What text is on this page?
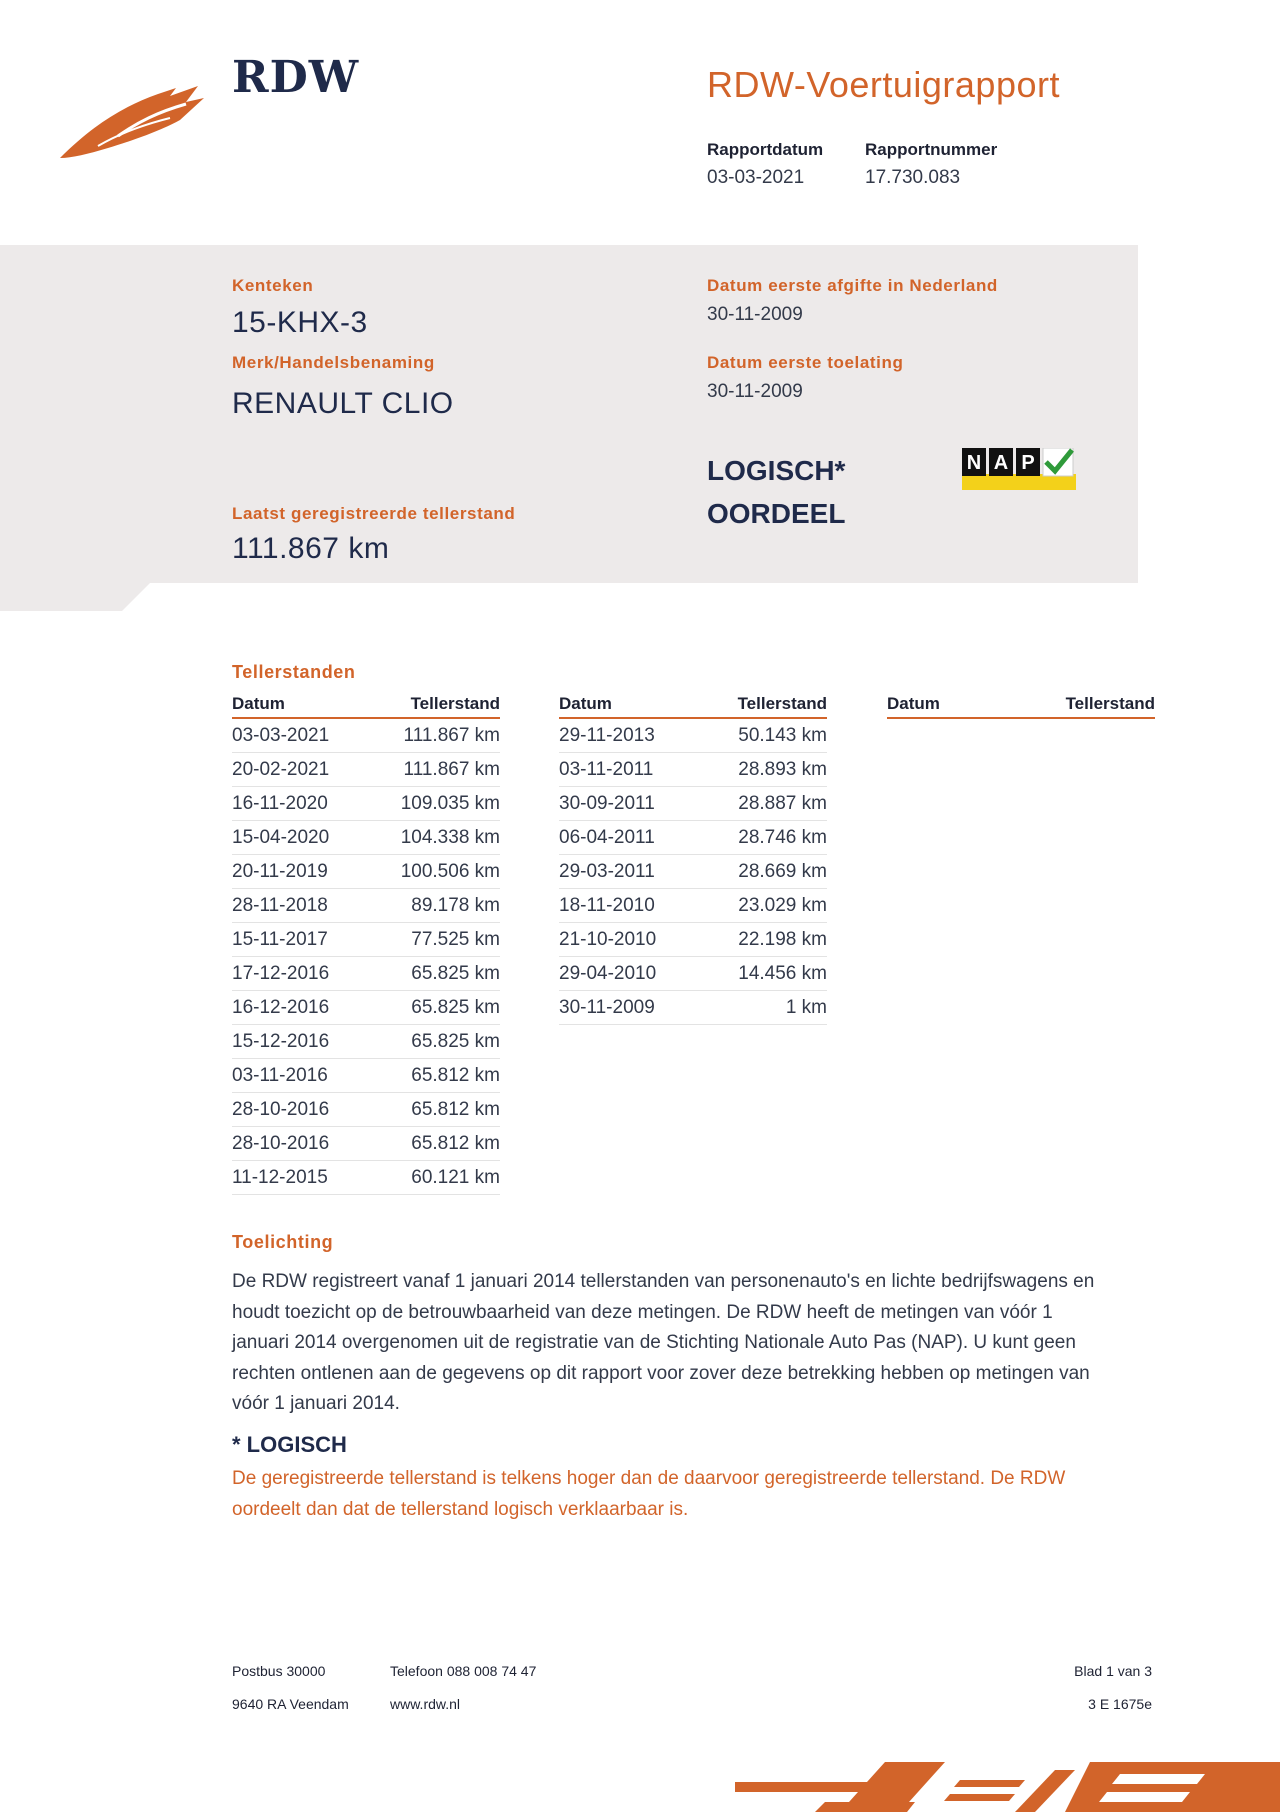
RDW	RDW-Voertuigrapport
Rapportdatum
03-03-2021
Rapportnummer
17.730.083
Kenteken
15-KHX-3
Merk/Handelsbenaming
RENAULT CLIO
Laatst geregistreerde tellerstand
111.867 km
Datum eerste afgifte in Nederland
30-11-2009
Datum eerste toelating
30-11-2009
LOGISCH*
OORDEEL
N A P
Tellerstanden
Datum	Tellerstand
03-03-2021	111.867 km
20-02-2021	111.867 km
16-11-2020	109.035 km
15-04-2020	104.338 km
20-11-2019	100.506 km
28-11-2018	89.178 km
15-11-2017	77.525 km
17-12-2016	65.825 km
16-12-2016	65.825 km
15-12-2016	65.825 km
03-11-2016	65.812 km
28-10-2016	65.812 km
28-10-2016	65.812 km
11-12-2015	60.121 km
Datum	Tellerstand
29-11-2013	50.143 km
03-11-2011	28.893 km
30-09-2011	28.887 km
06-04-2011	28.746 km
29-03-2011	28.669 km
18-11-2010	23.029 km
21-10-2010	22.198 km
29-04-2010	14.456 km
30-11-2009	1 km
Datum	Tellerstand
Toelichting
De RDW registreert vanaf 1 januari 2014 tellerstanden van personenauto's en lichte bedrijfswagens en houdt toezicht op de betrouwbaarheid van deze metingen. De RDW heeft de metingen van vóór 1 januari 2014 overgenomen uit de registratie van de Stichting Nationale Auto Pas (NAP). U kunt geen rechten ontlenen aan de gegevens op dit rapport voor zover deze betrekking hebben op metingen van vóór 1 januari 2014.
* LOGISCH
De geregistreerde tellerstand is telkens hoger dan de daarvoor geregistreerde tellerstand. De RDW oordeelt dan dat de tellerstand logisch verklaarbaar is.
Postbus 30000
9640 RA Veendam
Telefoon 088 008 74 47
www.rdw.nl
Blad 1 van 3
3 E 1675e
